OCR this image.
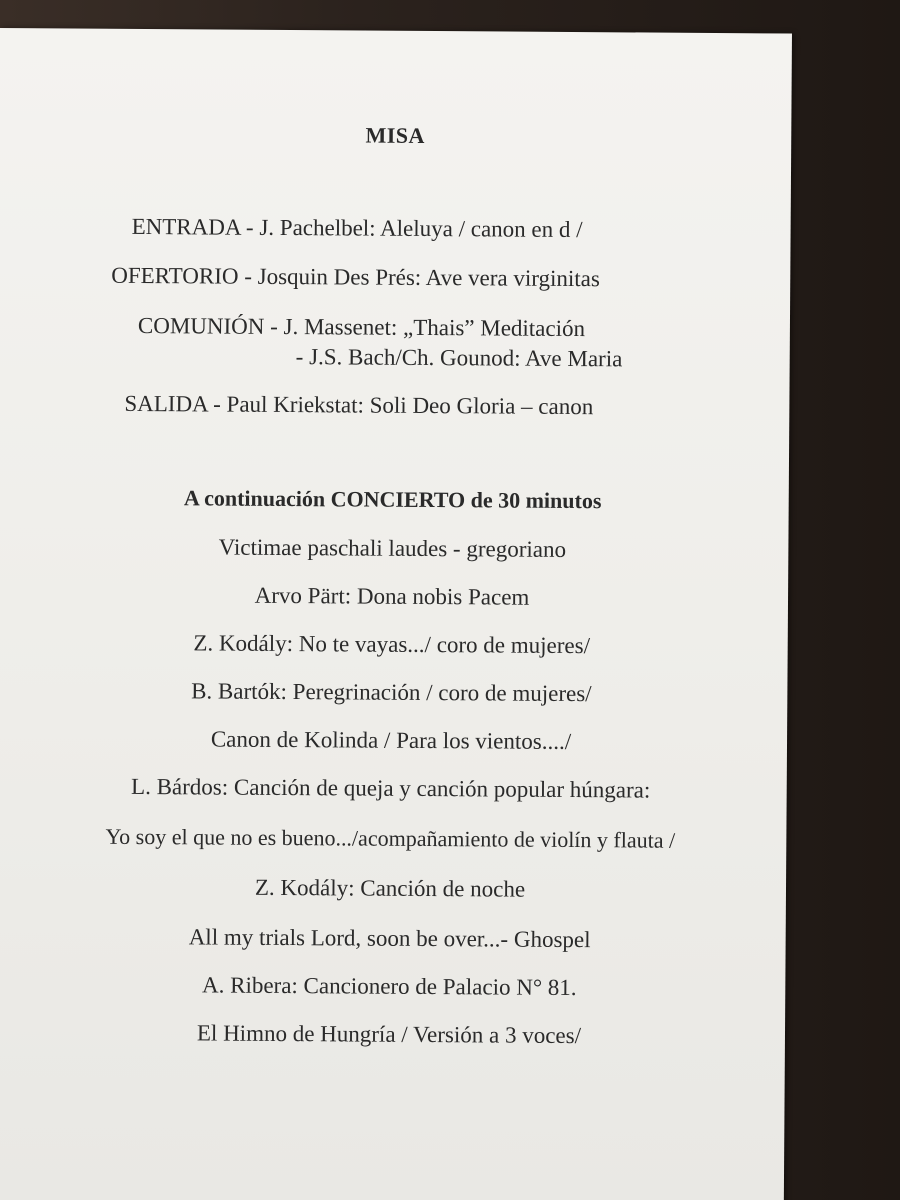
MISA
ENTRADA - J. Pachelbel: Aleluya / canon en d /
OFERTORIO - Josquin Des Prés: Ave vera virginitas
COMUNIÓN - J. Massenet: „Thais” Meditación
- J.S. Bach/Ch. Gounod: Ave Maria
SALIDA - Paul Kriekstat: Soli Deo Gloria – canon
A continuación CONCIERTO de 30 minutos
Victimae paschali laudes - gregoriano
Arvo Pärt: Dona nobis Pacem
Z. Kodály: No te vayas.../ coro de mujeres/
B. Bartók: Peregrinación / coro de mujeres/
Canon de Kolinda / Para los vientos..../
L. Bárdos: Canción de queja y canción popular húngara:
Yo soy el que no es bueno.../acompañamiento de violín y flauta /
Z. Kodály: Canción de noche
All my trials Lord, soon be over...- Ghospel
A. Ribera: Cancionero de Palacio N° 81.
El Himno de Hungría / Versión a 3 voces/
